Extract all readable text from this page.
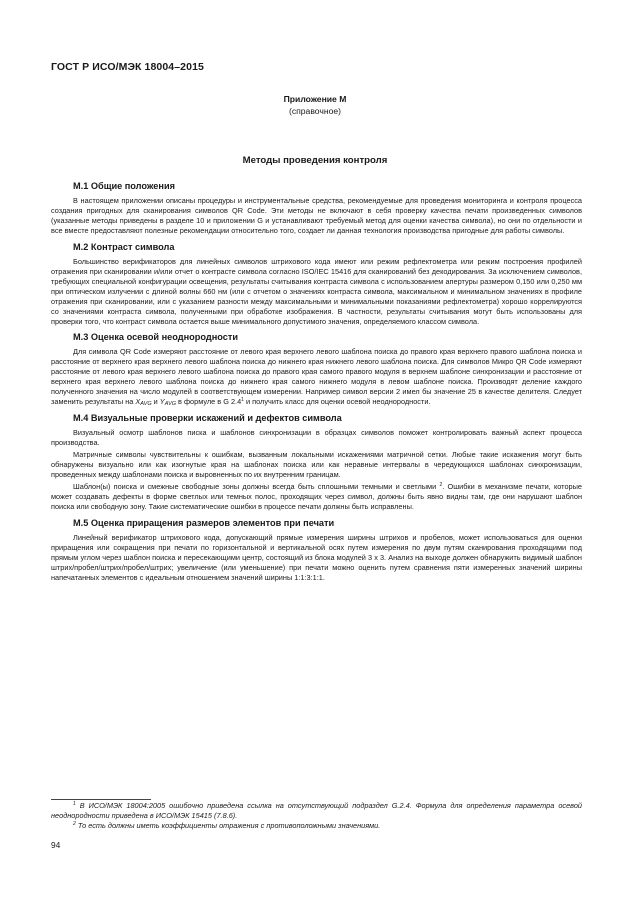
ГОСТ Р ИСО/МЭК 18004–2015
Приложение М
(справочное)
Методы проведения контроля
М.1 Общие положения

В настоящем приложении описаны процедуры и инструментальные средства, рекомендуемые для проведения мониторинга и контроля процесса создания пригодных для сканирования символов QR Code. Эти методы не включают в себя проверку качества печати произведенных символов (указанные методы приведены в разделе 10 и приложении G и устанавливают требуемый метод для оценки качества символа), но они по отдельности и все вместе предоставляют полезные рекомендации относительно того, создает ли данная технология производства пригодные для работы символы.

М.2 Контраст символа

Большинство верификаторов для линейных символов штрихового кода имеют или режим рефлектометра или режим построения профилей отражения при сканировании и/или отчет о контрасте символа согласно ISO/IEC 15416 для сканирований без декодирования. За исключением символов, требующих специальной конфигурации освещения, результаты считывания контраста символа с использованием апертуры размером 0,150 или 0,250 мм при оптическом излучении с длиной волны 660 нм (или с отчетом о значениях контраста символа, максимальном и минимальном значениях в профиле отражения при сканировании, или с указанием разности между максимальными и минимальными показаниями рефлектометра) хорошо коррелируются со значениями контраста символа, полученными при обработке изображения. В частности, результаты считывания могут быть использованы для проверки того, что контраст символа остается выше минимального допустимого значения, определяемого классом символа.

М.3 Оценка осевой неоднородности

Для символа QR Code измеряют расстояние от левого края верхнего левого шаблона поиска до правого края верхнего правого шаблона поиска и расстояние от верхнего края верхнего левого шаблона поиска до нижнего края нижнего левого шаблона поиска. Для символов Микро QR Code измеряют расстояние от левого края верхнего левого шаблона поиска до правого края самого правого модуля в верхнем шаблоне синхронизации и расстояние от верхнего края верхнего левого шаблона поиска до нижнего края самого нижнего модуля в левом шаблоне поиска. Производят деление каждого полученного значения на число модулей в соответствующем измерении. Например символ версии 2 имел бы значение 25 в качестве делителя. Следует заменить результаты на $X_{AVG}$ и $Y_{AVG}$ в формуле в G $2.4^1$ и получить класс для оценки осевой неоднородности.

М.4 Визуальные проверки искажений и дефектов символа

Визуальный осмотр шаблонов писка и шаблонов синхронизации в образцах символов поможет контролировать важный аспект процесса производства.

Матричные символы чувствительны к ошибкам, вызванным локальными искажениями матричной сетки. Любые такие искажения могут быть обнаружены визуально или как изогнутые края на шаблонах поиска или как неравные интервалы в чередующихся шаблонах синхронизации, проведенных между шаблонами поиска и выровненных по их внутренним границам.

Шаблон(ы) поиска и смежные свободные зоны должны всегда быть сплошными темными и светлыми $^2$. Ошибки в механизме печати, которые может создавать дефекты в форме светлых или темных полос, проходящих через символ, должны быть явно видны там, где они нарушают шаблон поиска или свободную зону. Такие систематические ошибки в процессе печати должны быть исправлены.

М.5 Оценка приращения размеров элементов при печати

Линейный верификатор штрихового кода, допускающий прямые измерения ширины штрихов и пробелов, может использоваться для оценки приращения или сокращения при печати по горизонтальной и вертикальной осях путем измерения по двум путям сканирования проходящими под прямым углом через шаблон поиска и пересекающими центр, состоящий из блока модулей 3 х 3. Анализ на выходе должен обнаружить видимый шаблон штрих/пробел/штрих/пробел/штрих; увеличение (или уменьшение) при печати можно оценить путем сравнения пяти измеренных значений ширины напечатанных элементов с идеальным отношением значений ширины 1:1:3:1:1.

$^1$ В ИСО/МЭК 18004:2005 ошибочно приведена ссылка на отсутствующий подраздел G.2.4. Формула для определения параметра осевой неоднородности приведена в ИСО/МЭК 15415 (7.8.6).

$^2$ То есть должны иметь коэффициенты отражения с противоположными значениями.

94
